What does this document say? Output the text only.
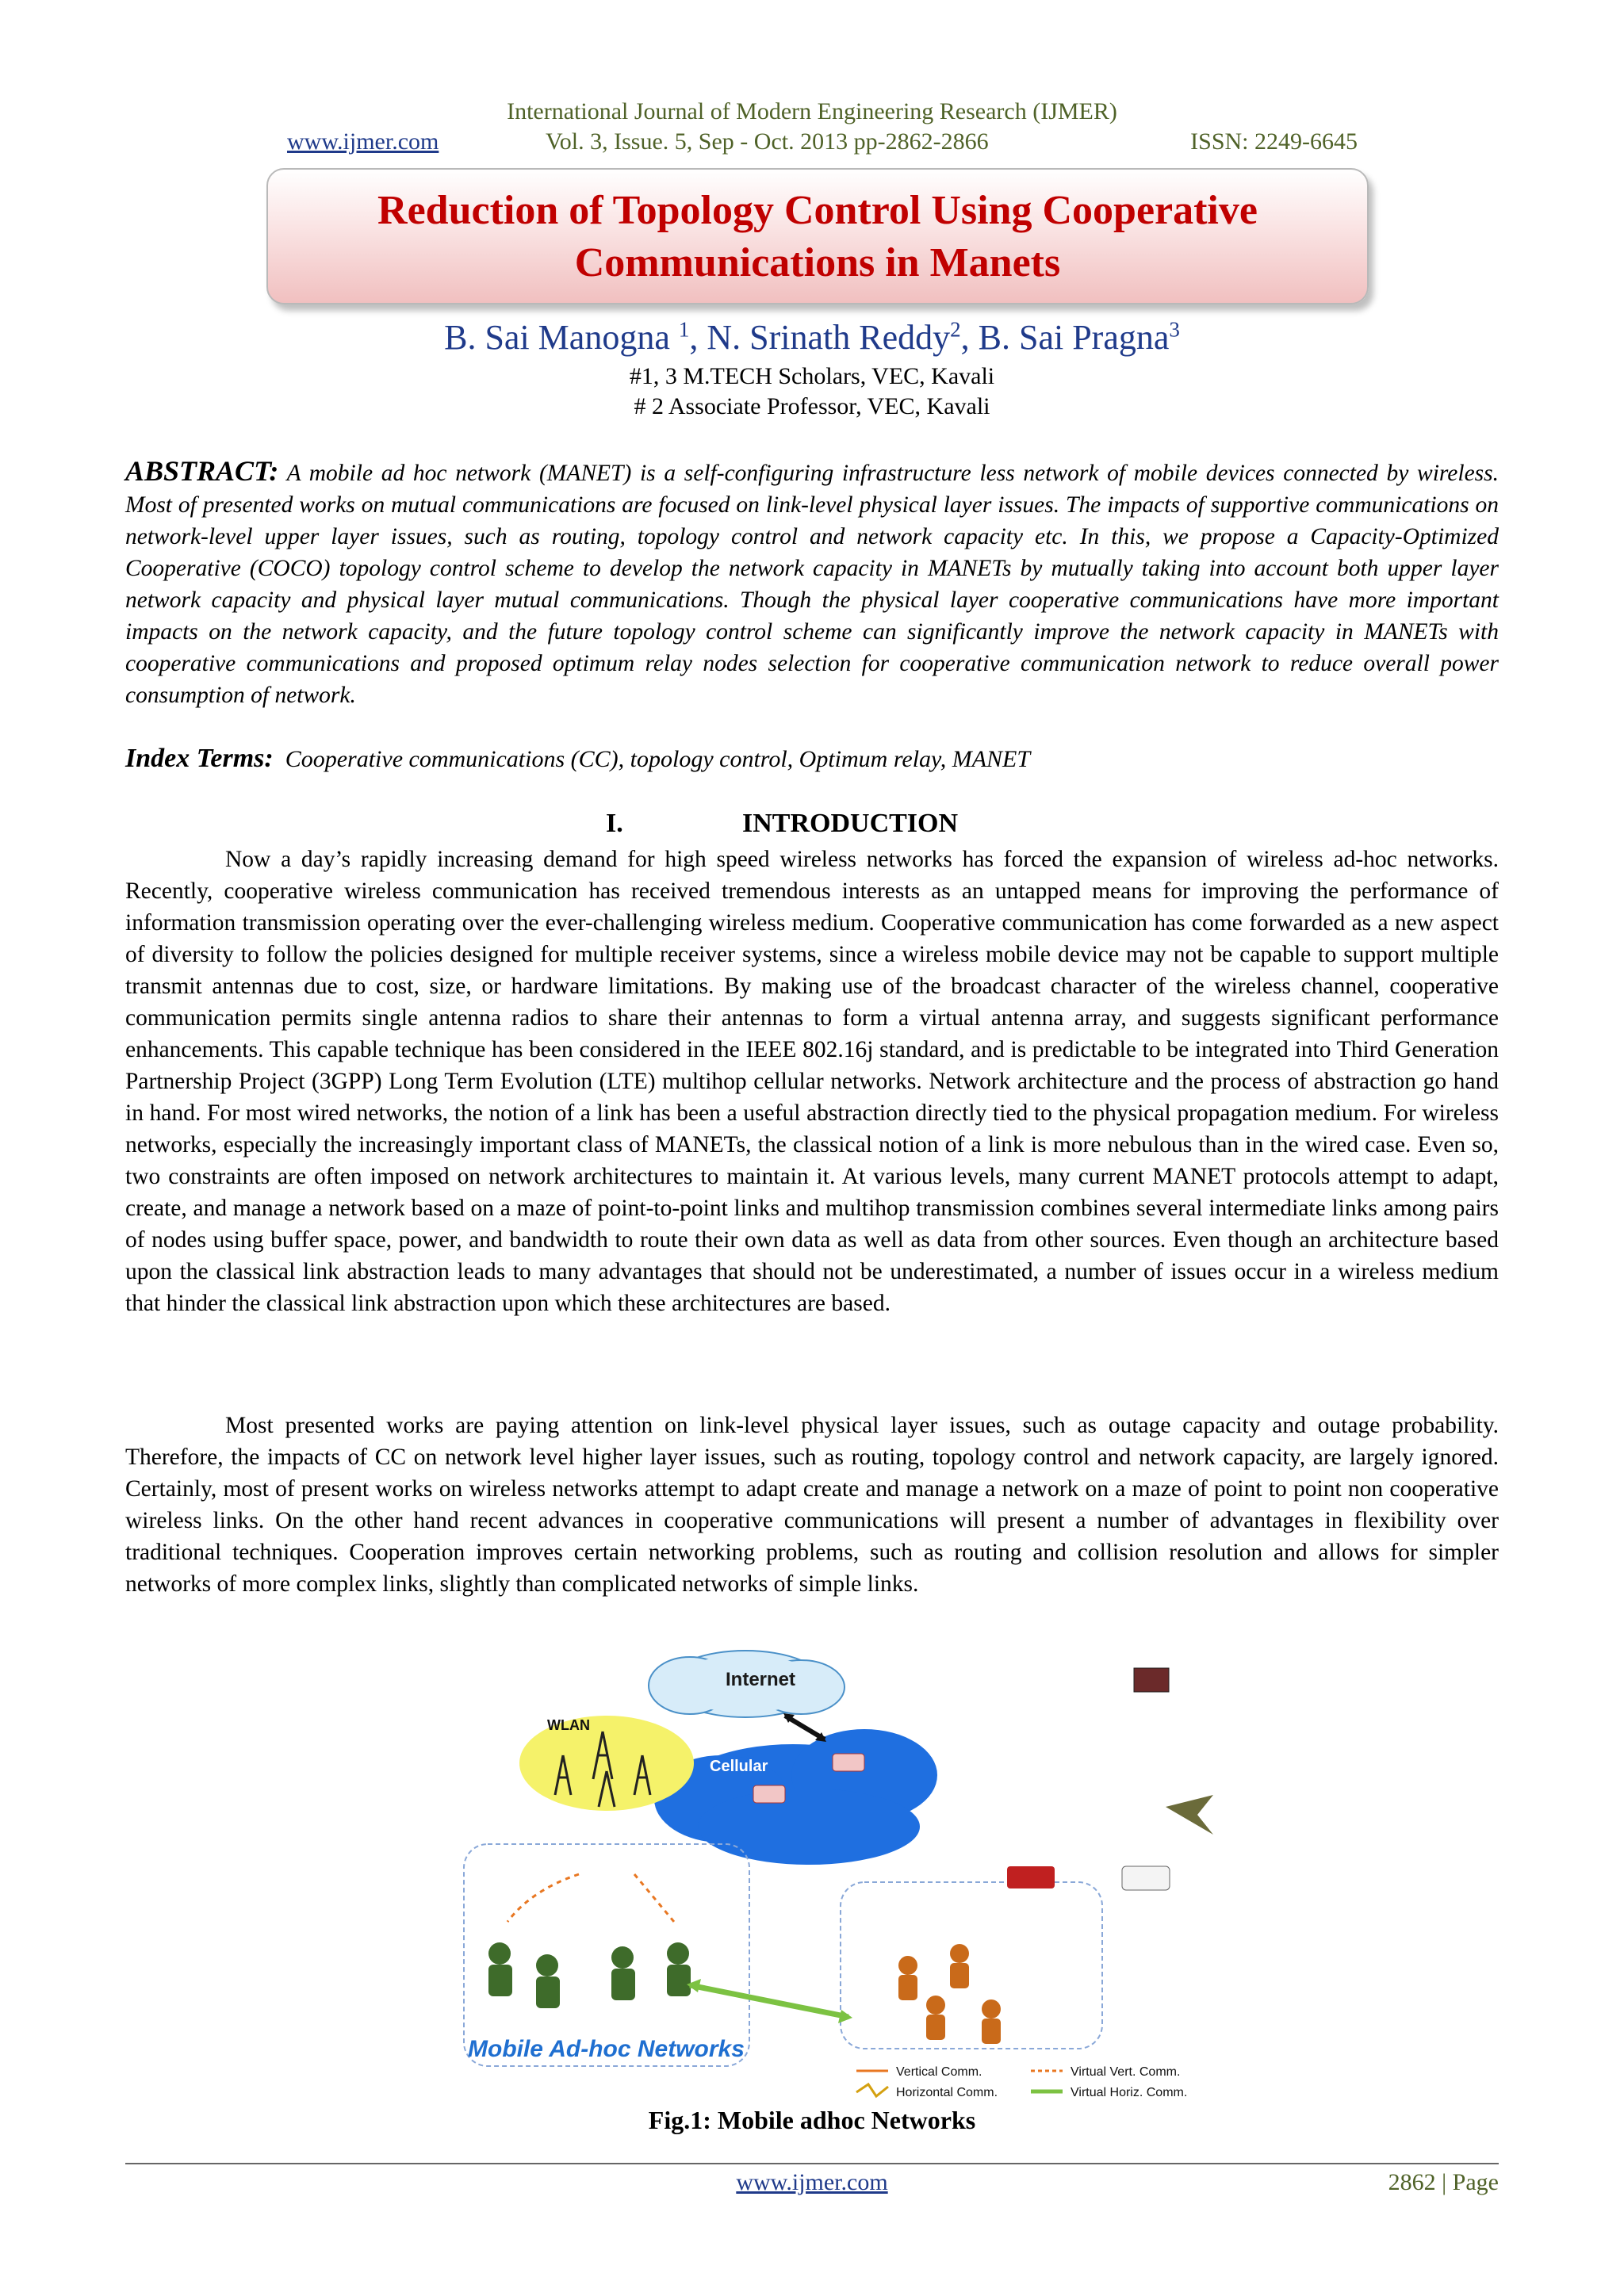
International Journal of Modern Engineering Research (IJMER)
www.ijmer.com	Vol. 3, Issue. 5, Sep - Oct. 2013 pp-2862-2866	ISSN: 2249-6645
Reduction of Topology Control Using Cooperative
Communications in Manets
B. Sai Manogna $^1$, N. Srinath Reddy$^2$, B. Sai Pragna$^3$
#1, 3 M.TECH Scholars, VEC, Kavali
# 2 Associate Professor, VEC, Kavali
ABSTRACT: A mobile ad hoc network (MANET) is a self-configuring infrastructure less network of mobile devices connected by wireless. Most of presented works on mutual communications are focused on link-level physical layer issues. The impacts of supportive communications on network-level upper layer issues, such as routing, topology control and network capacity etc. In this, we propose a Capacity-Optimized Cooperative (COCO) topology control scheme to develop the network capacity in MANETs by mutually taking into account both upper layer network capacity and physical layer mutual communications. Though the physical layer cooperative communications have more important impacts on the network capacity, and the future topology control scheme can significantly improve the network capacity in MANETs with cooperative communications and proposed optimum relay nodes selection for cooperative communication network to reduce overall power consumption of network.
Index Terms: Cooperative communications (CC), topology control, Optimum relay, MANET
I.	INTRODUCTION
Now a day’s rapidly increasing demand for high speed wireless networks has forced the expansion of wireless ad-hoc networks. Recently, cooperative wireless communication has received tremendous interests as an untapped means for improving the performance of information transmission operating over the ever-challenging wireless medium. Cooperative communication has come forwarded as a new aspect of diversity to follow the policies designed for multiple receiver systems, since a wireless mobile device may not be capable to support multiple transmit antennas due to cost, size, or hardware limitations. By making use of the broadcast character of the wireless channel, cooperative communication permits single antenna radios to share their antennas to form a virtual antenna array, and suggests significant performance enhancements. This capable technique has been considered in the IEEE 802.16j standard, and is predictable to be integrated into Third Generation Partnership Project (3GPP) Long Term Evolution (LTE) multihop cellular networks. Network architecture and the process of abstraction go hand in hand. For most wired networks, the notion of a link has been a useful abstraction directly tied to the physical propagation medium. For wireless networks, especially the increasingly important class of MANETs, the classical notion of a link is more nebulous than in the wired case. Even so, two constraints are often imposed on network architectures to maintain it. At various levels, many current MANET protocols attempt to adapt, create, and manage a network based on a maze of point-to-point links and multihop transmission combines several intermediate links among pairs of nodes using buffer space, power, and bandwidth to route their own data as well as data from other sources. Even though an architecture based upon the classical link abstraction leads to many advantages that should not be underestimated, a number of issues occur in a wireless medium that hinder the classical link abstraction upon which these architectures are based.
Most presented works are paying attention on link-level physical layer issues, such as outage capacity and outage probability. Therefore, the impacts of CC on network level higher layer issues, such as routing, topology control and network capacity, are largely ignored. Certainly, most of present works on wireless networks attempt to adapt create and manage a network on a maze of point to point non cooperative wireless links. On the other hand recent advances in cooperative communications will present a number of advantages in flexibility over traditional techniques. Cooperation improves certain networking problems, such as routing and collision resolution and allows for simpler networks of more complex links, slightly than complicated networks of simple links.
Internet
Cellular
WLAN
Mobile Ad-hoc Networks
Vertical Comm.
Horizontal Comm.
Virtual Vert. Comm.
Virtual Horiz. Comm.
Fig.1: Mobile adhoc Networks
www.ijmer.com	2862 | Page
